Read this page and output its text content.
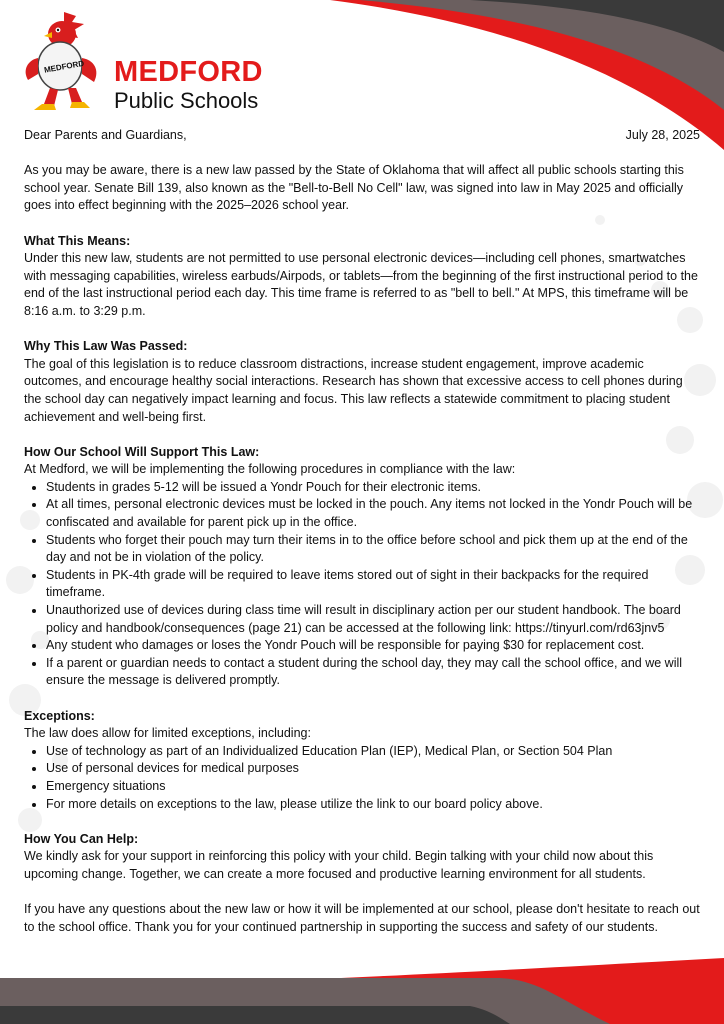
MEDFORD MEDFORD
Public Schools
Dear Parents and Guardians,	July 28, 2025

As you may be aware, there is a new law passed by the State of Oklahoma that will affect all public schools starting this school year. Senate Bill 139, also known as the "Bell-to-Bell No Cell" law, was signed into law in May 2025 and officially goes into effect beginning with the 2025–2026 school year.

What This Means:

Under this new law, students are not permitted to use personal electronic devices—including cell phones, smartwatches with messaging capabilities, wireless earbuds/Airpods, or tablets—from the beginning of the first instructional period to the end of the last instructional period each day. This time frame is referred to as "bell to bell." At MPS, this timeframe will be 8:16 a.m. to 3:29 p.m.

Why This Law Was Passed:

The goal of this legislation is to reduce classroom distractions, increase student engagement, improve academic outcomes, and encourage healthy social interactions. Research has shown that excessive access to cell phones during the school day can negatively impact learning and focus. This law reflects a statewide commitment to placing student achievement and well-being first.

How Our School Will Support This Law:

At Medford, we will be implementing the following procedures in compliance with the law:

• Students in grades 5-12 will be issued a Yondr Pouch for their electronic items.
• At all times, personal electronic devices must be locked in the pouch. Any items not locked in the Yondr Pouch will be confiscated and available for parent pick up in the office.
• Students who forget their pouch may turn their items in to the office before school and pick them up at the end of the day and not be in violation of the policy.
• Students in PK-4th grade will be required to leave items stored out of sight in their backpacks for the required timeframe.
• Unauthorized use of devices during class time will result in disciplinary action per our student handbook. The board policy and handbook/consequences (page 21) can be accessed at the following link: https://tinyurl.com/rd63jnv5
• Any student who damages or loses the Yondr Pouch will be responsible for paying $30 for replacement cost.
• If a parent or guardian needs to contact a student during the school day, they may call the school office, and we will ensure the message is delivered promptly.

Exceptions:

The law does allow for limited exceptions, including:

• Use of technology as part of an Individualized Education Plan (IEP), Medical Plan, or Section 504 Plan
• Use of personal devices for medical purposes
• Emergency situations
• For more details on exceptions to the law, please utilize the link to our board policy above.

How You Can Help:

We kindly ask for your support in reinforcing this policy with your child. Begin talking with your child now about this upcoming change. Together, we can create a more focused and productive learning environment for all students.

If you have any questions about the new law or how it will be implemented at our school, please don't hesitate to reach out to the school office. Thank you for your continued partnership in supporting the success and safety of our students.
